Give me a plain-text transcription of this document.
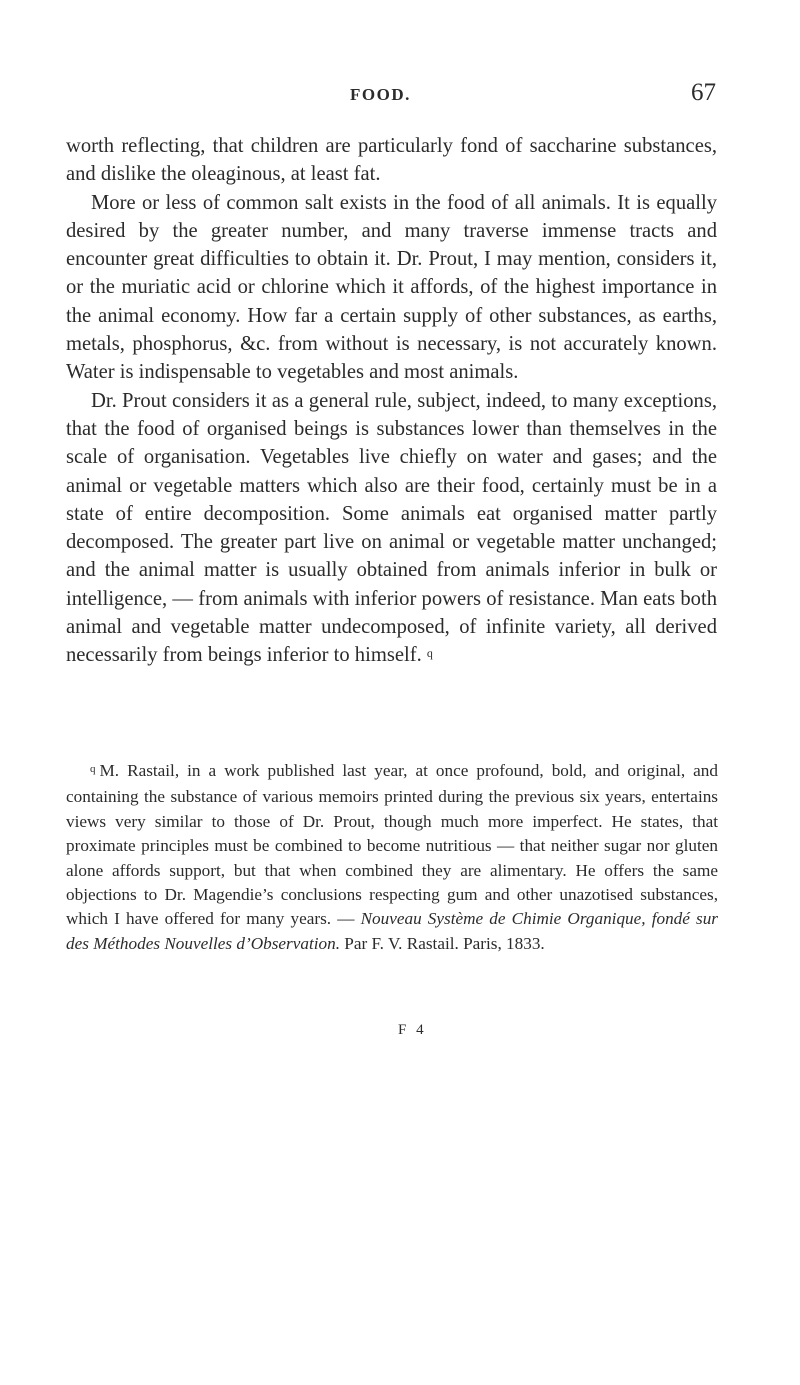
FOOD.	67

worth reflecting, that children are particularly fond of saccharine substances, and dislike the oleaginous, at least fat.

More or less of common salt exists in the food of all animals. It is equally desired by the greater number, and many traverse immense tracts and encounter great difficulties to obtain it. Dr. Prout, I may mention, considers it, or the muriatic acid or chlorine which it affords, of the highest importance in the animal economy. How far a certain supply of other substances, as earths, metals, phosphorus, &c. from without is necessary, is not accurately known. Water is indispensable to vegetables and most animals.

Dr. Prout considers it as a general rule, subject, indeed, to many exceptions, that the food of organised beings is substances lower than themselves in the scale of organisation. Vegetables live chiefly on water and gases; and the animal or vegetable matters which also are their food, certainly must be in a state of entire decomposition. Some animals eat organised matter partly decomposed. The greater part live on animal or vegetable matter unchanged; and the animal matter is usually obtained from animals inferior in bulk or intelligence, — from animals with inferior powers of resistance. Man eats both animal and vegetable matter undecomposed, of infinite variety, all derived necessarily from beings inferior to himself. $^q$

$^q$ M. Rastail, in a work published last year, at once profound, bold, and original, and containing the substance of various memoirs printed during the previous six years, entertains views very similar to those of Dr. Prout, though much more imperfect. He states, that proximate principles must be combined to become nutritious — that neither sugar nor gluten alone affords support, but that when combined they are alimentary. He offers the same objections to Dr. Magendie’s conclusions respecting gum and other unazotised substances, which I have offered for many years. — Nouveau Système de Chimie Organique, fondé sur des Méthodes Nouvelles d’Observation. Par F. V. Rastail. Paris, 1833.
F 4
